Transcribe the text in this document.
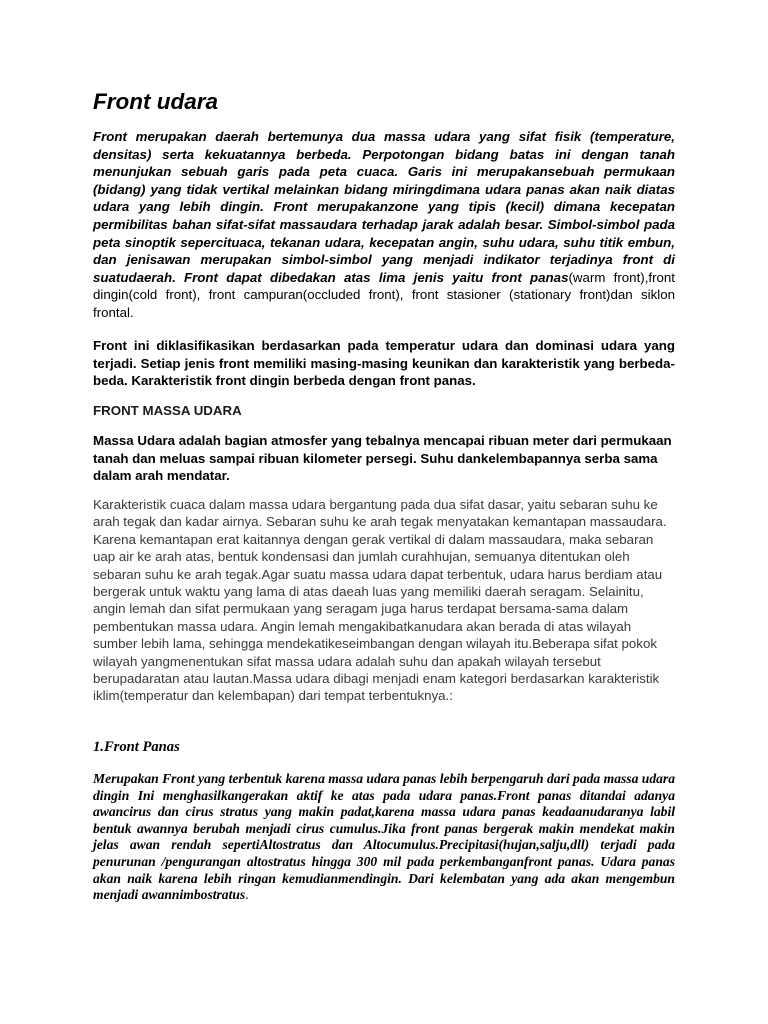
Front udara

Front merupakan daerah bertemunya dua massa udara yang sifat fisik (temperature, densitas) serta kekuatannya berbeda. Perpotongan bidang batas ini dengan tanah menunjukan sebuah garis pada peta cuaca. Garis ini merupakansebuah permukaan (bidang) yang tidak vertikal melainkan bidang miringdimana udara panas akan naik diatas udara yang lebih dingin. Front merupakanzone yang tipis (kecil) dimana kecepatan permibilitas bahan sifat-sifat massaudara terhadap jarak adalah besar. Simbol-simbol pada peta sinoptik sepercituaca, tekanan udara, kecepatan angin, suhu udara, suhu titik embun, dan jenisawan merupakan simbol-simbol yang menjadi indikator terjadinya front di suatudaerah. Front dapat dibedakan atas lima jenis yaitu front panas(warm front),front dingin(cold front), front campuran(occluded front), front stasioner (stationary front)dan siklon frontal.

Front ini diklasifikasikan berdasarkan pada temperatur udara dan dominasi udara yang terjadi. Setiap jenis front memiliki masing-masing keunikan dan karakteristik yang berbeda-beda. Karakteristik front dingin berbeda dengan front panas.

FRONT MASSA UDARA

Massa Udara adalah bagian atmosfer yang tebalnya mencapai ribuan meter dari permukaan tanah dan meluas sampai ribuan kilometer persegi. Suhu dankelembapannya serba sama dalam arah mendatar.

Karakteristik cuaca dalam massa udara bergantung pada dua sifat dasar, yaitu sebaran suhu ke arah tegak dan kadar airnya. Sebaran suhu ke arah tegak menyatakan kemantapan massaudara. Karena kemantapan erat kaitannya dengan gerak vertikal di dalam massaudara, maka sebaran uap air ke arah atas, bentuk kondensasi dan jumlah curahhujan, semuanya ditentukan oleh sebaran suhu ke arah tegak.Agar suatu massa udara dapat terbentuk, udara harus berdiam atau bergerak untuk waktu yang lama di atas daeah luas yang memiliki daerah seragam. Selainitu, angin lemah dan sifat permukaan yang seragam juga harus terdapat bersama-sama dalam pembentukan massa udara. Angin lemah mengakibatkanudara akan berada di atas wilayah sumber lebih lama, sehingga mendekatikeseimbangan dengan wilayah itu.Beberapa sifat pokok wilayah yangmenentukan sifat massa udara adalah suhu dan apakah wilayah tersebut berupadaratan atau lautan.Massa udara dibagi menjadi enam kategori berdasarkan karakteristik iklim(temperatur dan kelembapan) dari tempat terbentuknya.:

1.Front Panas

Merupakan Front yang terbentuk karena massa udara panas lebih berpengaruh dari pada massa udara dingin Ini menghasilkangerakan aktif ke atas pada udara panas.Front panas ditandai adanya awancirus dan cirus stratus yang makin padat,karena massa udara panas keadaanudaranya labil bentuk awannya berubah menjadi cirus cumulus.Jika front panas bergerak makin mendekat makin jelas awan rendah sepertiAltostratus dan Altocumulus.Precipitasi(hujan,salju,dll) terjadi pada penurunan /pengurangan altostratus hingga 300 mil pada perkembanganfront panas. Udara panas akan naik karena lebih ringan kemudianmendingin. Dari kelembatan yang ada akan mengembun menjadi awannimbostratus.
